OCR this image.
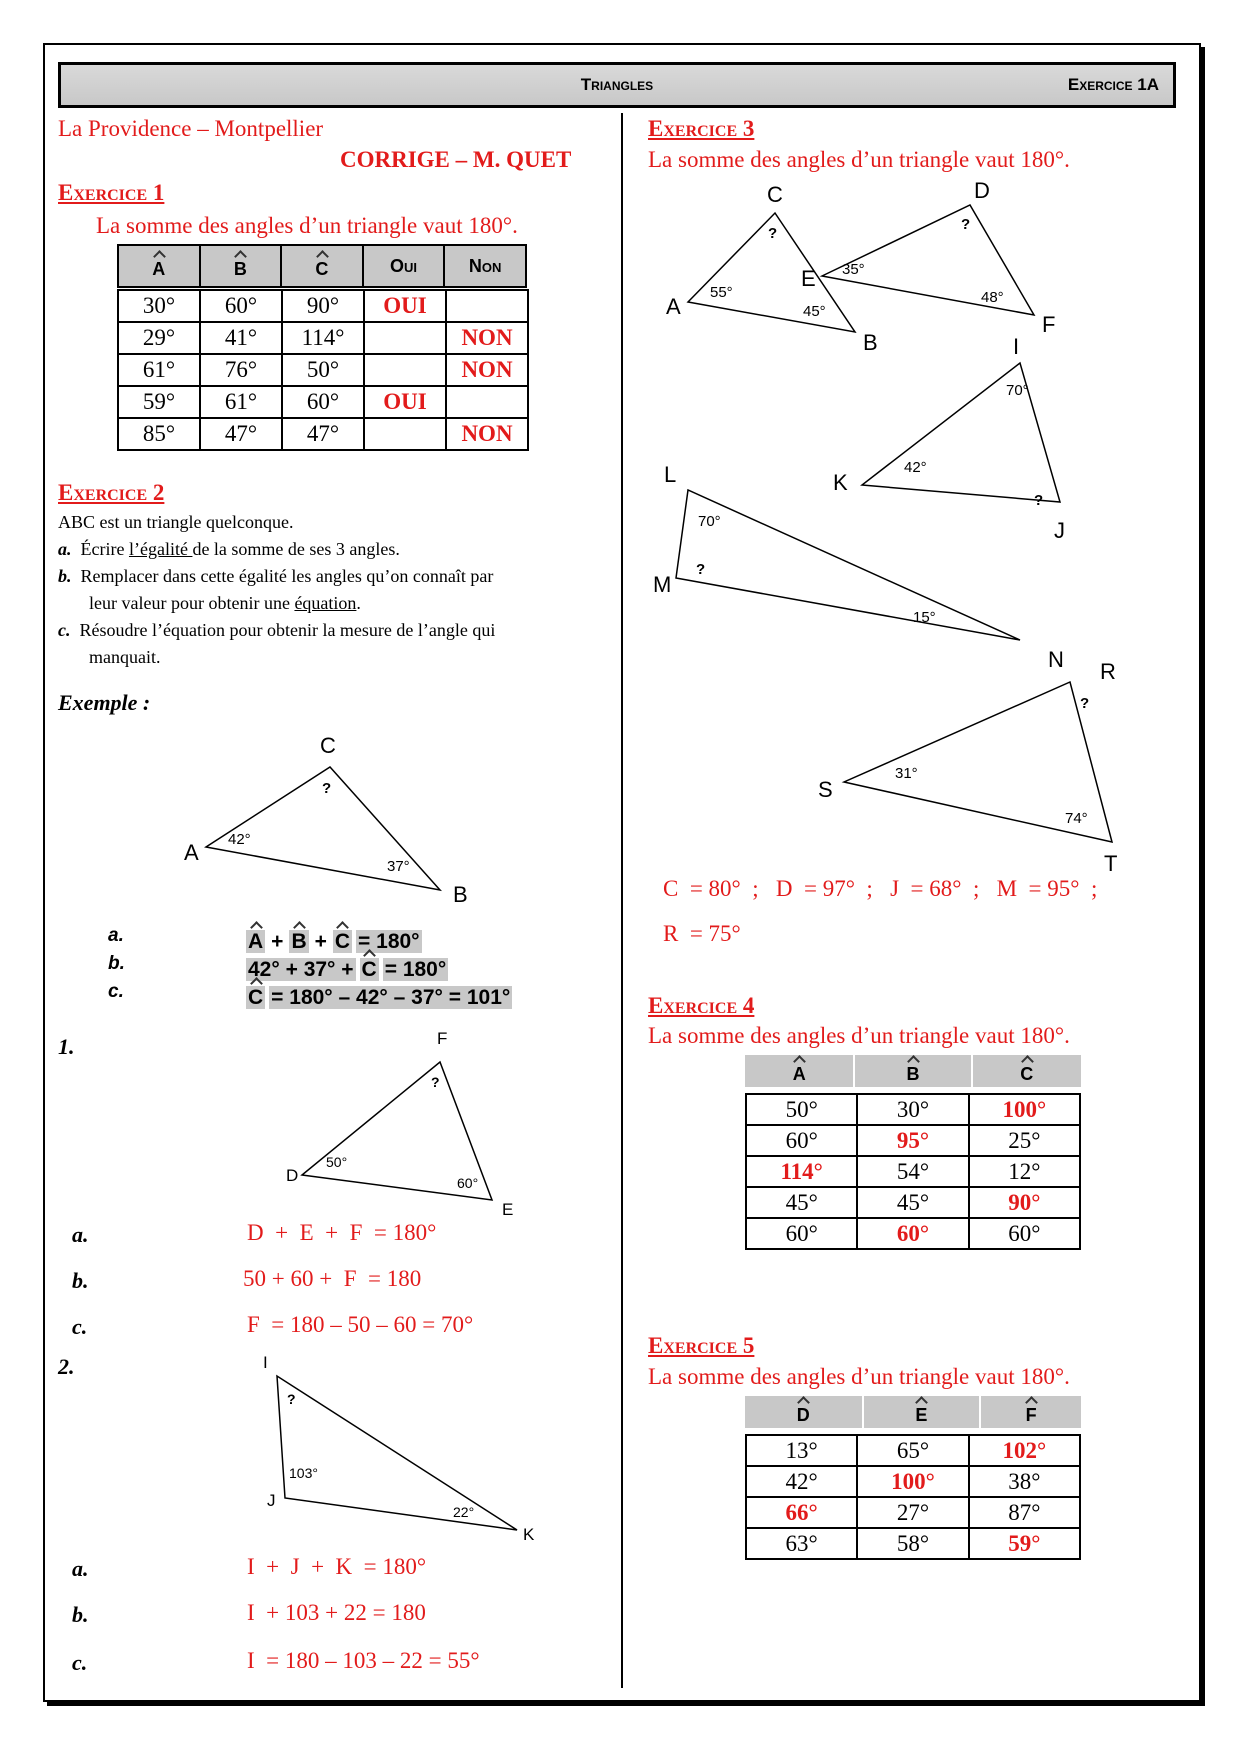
Triangles	Exercice 1A
La Providence – Montpellier
CORRIGE – M. QUET
Exercice 1
La somme des angles d’un triangle vaut 180°.
A	B	C	Oui	Non
30°	60°	90°	OUI	
29°	41°	114°		NON
61°	76°	50°		NON
59°	61°	60°	OUI	
85°	47°	47°		NON
Exercice 2
ABC est un triangle quelconque.
a. Écrire l’égalité de la somme de ses 3 angles.
b. Remplacer dans cette égalité les angles qu’on connaît par
leur valeur pour obtenir une équation.
c. Résoudre l’équation pour obtenir la mesure de l’angle qui
manquait.
Exemple :
A
B
C
42°
37°
?
a.
b.
c.
A + B + C = 180°
42° + 37° + C = 180°
C = 180° – 42° – 37° = 101°
1.
D
E
F
50°
60°
?
a.
b.
c.
D  +  E  +  F  = 180°
50 + 60 +  F  = 180
F  = 180 – 50 – 60 = 70°
2.	I
J
K
?
103°
22°
a.
b.
c.
I  +  J  +  K  = 180°
I  + 103 + 22 = 180
I  = 180 – 103 – 22 = 55°
Exercice 3
La somme des angles d’un triangle vaut 180°.
A
B
C
55°
45°
?
D
E
F
?
35°
48°
I
J
K
70°
?
42°
L
M
N
70°
?
15°
R
S
T
?
31°
74°
C  = 80°  ;   D  = 97°  ;   J  = 68°  ;   M  = 95°  ;
R  = 75°
Exercice 4
La somme des angles d’un triangle vaut 180°.
A	B	C
50°	30°	100°
60°	95°	25°
114°	54°	12°
45°	45°	90°
60°	60°	60°
Exercice 5
La somme des angles d’un triangle vaut 180°.
D	E	F
13°	65°	102°
42°	100°	38°
66°	27°	87°
63°	58°	59°
